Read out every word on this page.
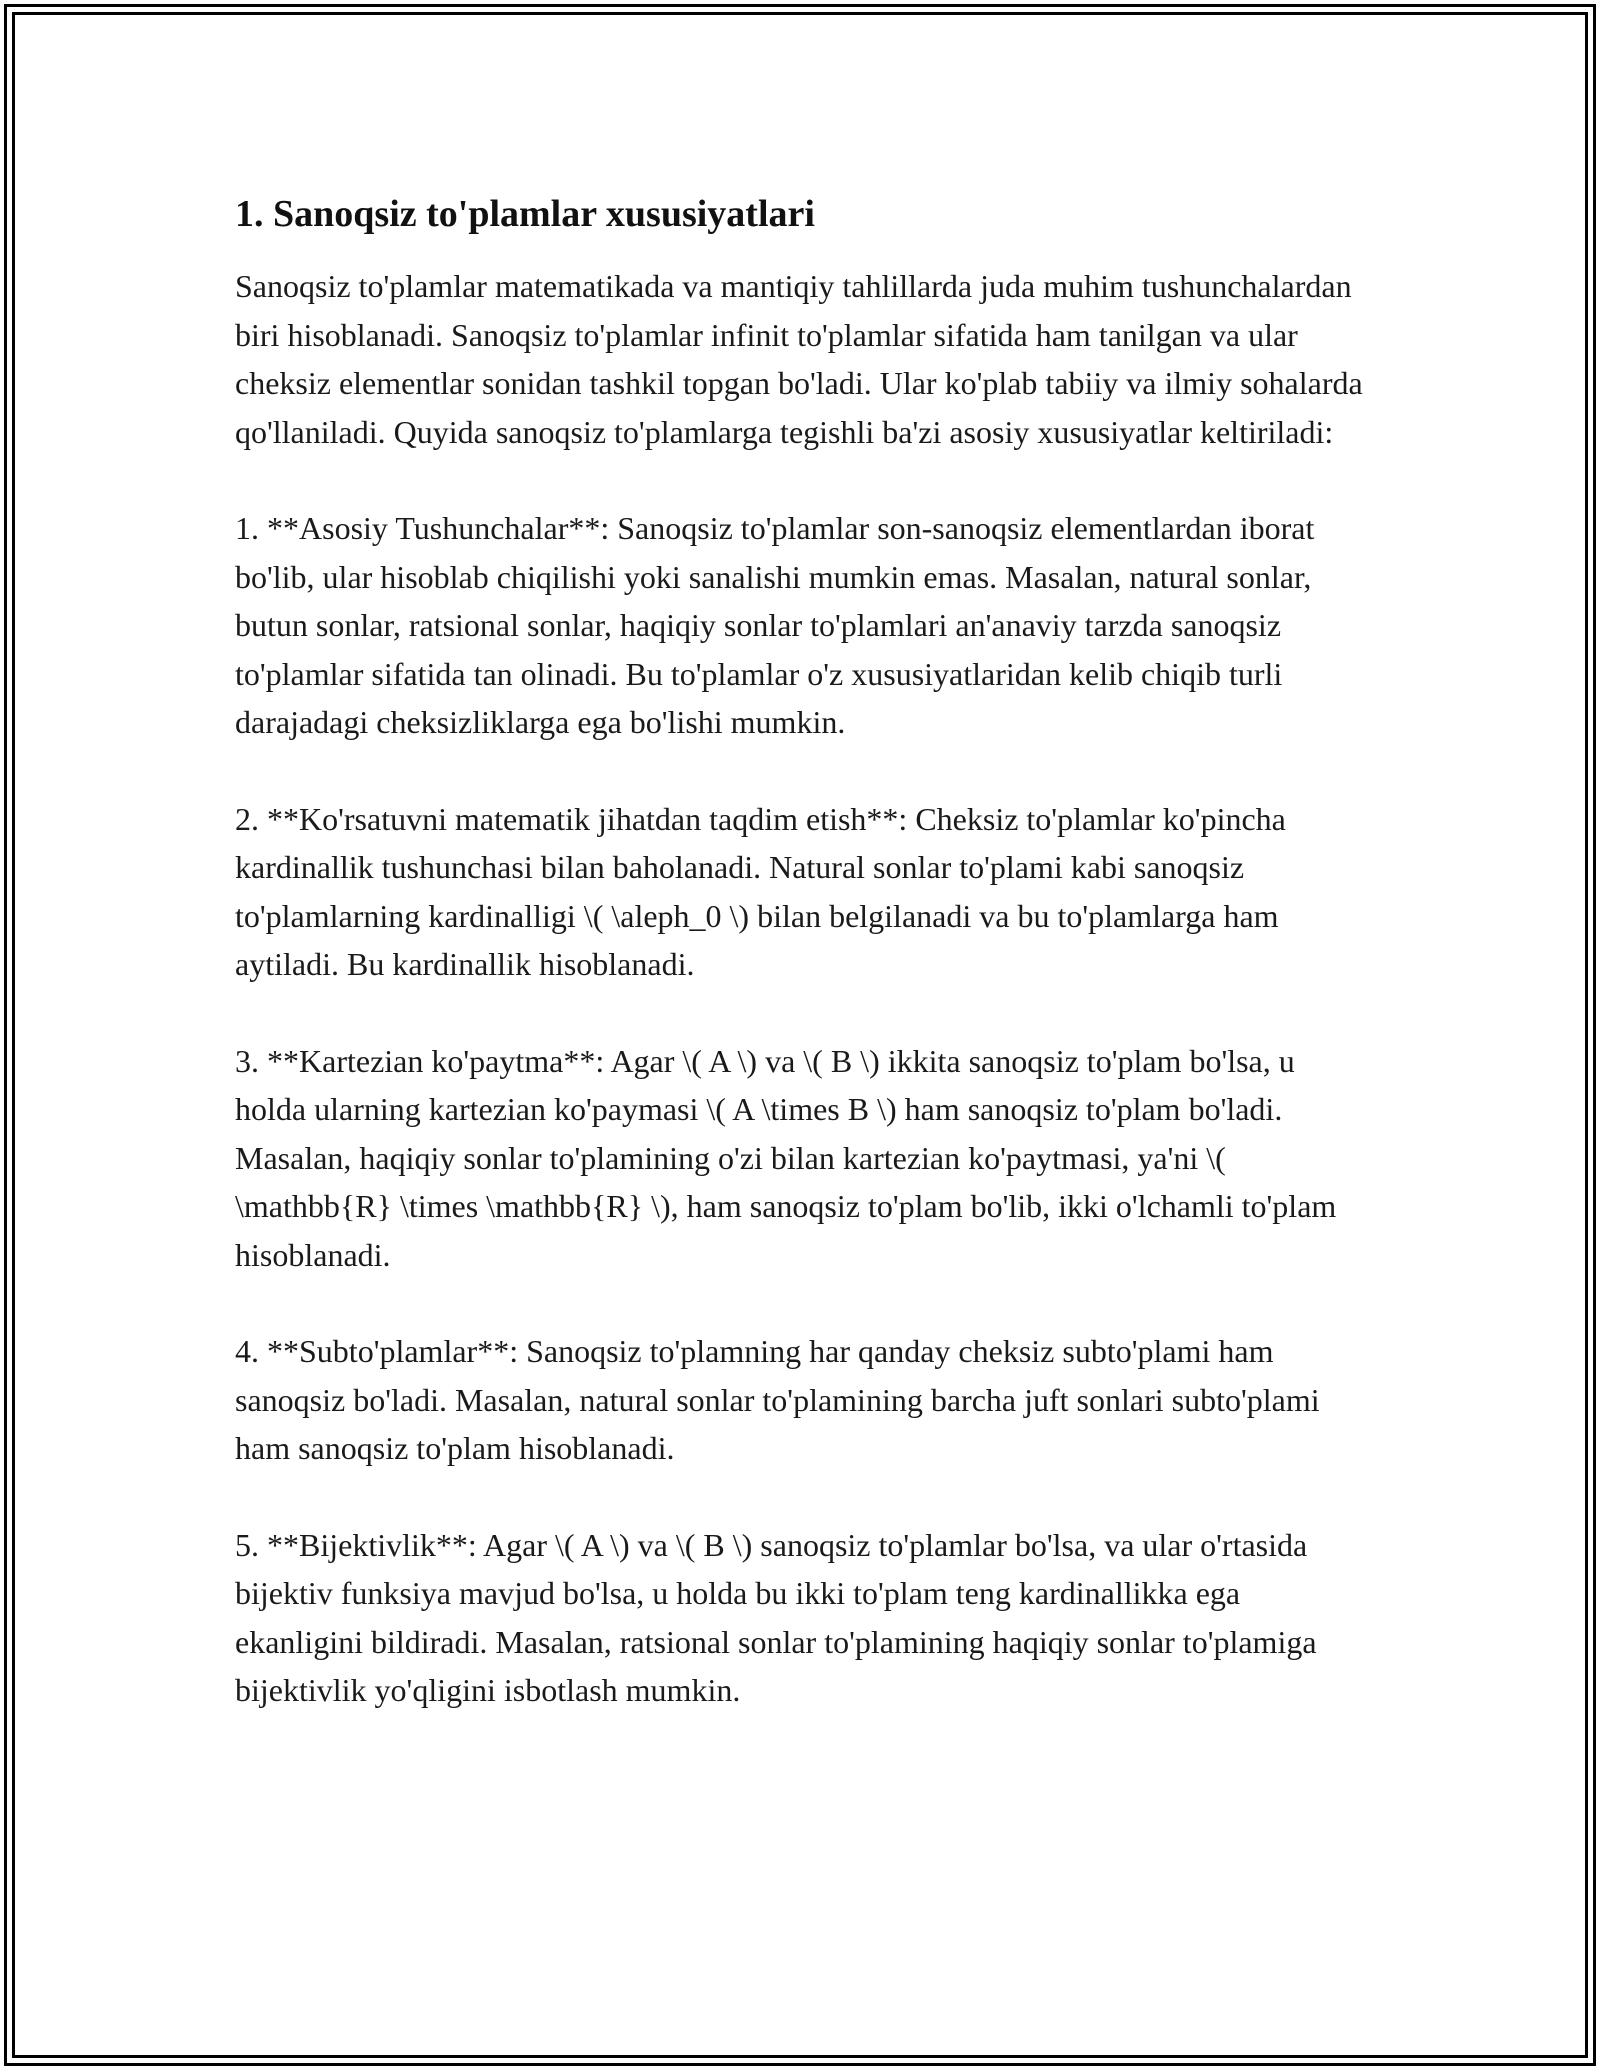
1. Sanoqsiz to'plamlar xususiyatlari

Sanoqsiz to'plamlar matematikada va mantiqiy tahlillarda juda muhim tushunchalardan biri hisoblanadi. Sanoqsiz to'plamlar infinit to'plamlar sifatida ham tanilgan va ular cheksiz elementlar sonidan tashkil topgan bo'ladi. Ular ko'plab tabiiy va ilmiy sohalarda qo'llaniladi. Quyida sanoqsiz to'plamlarga tegishli ba'zi asosiy xususiyatlar keltiriladi:

1. **Asosiy Tushunchalar**: Sanoqsiz to'plamlar son-sanoqsiz elementlardan iborat bo'lib, ular hisoblab chiqilishi yoki sanalishi mumkin emas. Masalan, natural sonlar, butun sonlar, ratsional sonlar, haqiqiy sonlar to'plamlari an'anaviy tarzda sanoqsiz to'plamlar sifatida tan olinadi. Bu to'plamlar o'z xususiyatlaridan kelib chiqib turli darajadagi cheksizliklarga ega bo'lishi mumkin.

2. **Ko'rsatuvni matematik jihatdan taqdim etish**: Cheksiz to'plamlar ko'pincha kardinallik tushunchasi bilan baholanadi. Natural sonlar to'plami kabi sanoqsiz to'plamlarning kardinalligi \( \aleph_0 \) bilan belgilanadi va bu to'plamlarga ham aytiladi. Bu kardinallik hisoblanadi.

3. **Kartezian ko'paytma**: Agar \( A \) va \( B \) ikkita sanoqsiz to'plam bo'lsa, u holda ularning kartezian ko'paymasi \( A \times B \) ham sanoqsiz to'plam bo'ladi. Masalan, haqiqiy sonlar to'plamining o'zi bilan kartezian ko'paytmasi, ya'ni \( \mathbb{R} \times \mathbb{R} \), ham sanoqsiz to'plam bo'lib, ikki o'lchamli to'plam hisoblanadi.

4. **Subto'plamlar**: Sanoqsiz to'plamning har qanday cheksiz subto'plami ham sanoqsiz bo'ladi. Masalan, natural sonlar to'plamining barcha juft sonlari subto'plami ham sanoqsiz to'plam hisoblanadi.

5. **Bijektivlik**: Agar \( A \) va \( B \) sanoqsiz to'plamlar bo'lsa, va ular o'rtasida bijektiv funksiya mavjud bo'lsa, u holda bu ikki to'plam teng kardinallikka ega ekanligini bildiradi. Masalan, ratsional sonlar to'plamining haqiqiy sonlar to'plamiga bijektivlik yo'qligini isbotlash mumkin.
